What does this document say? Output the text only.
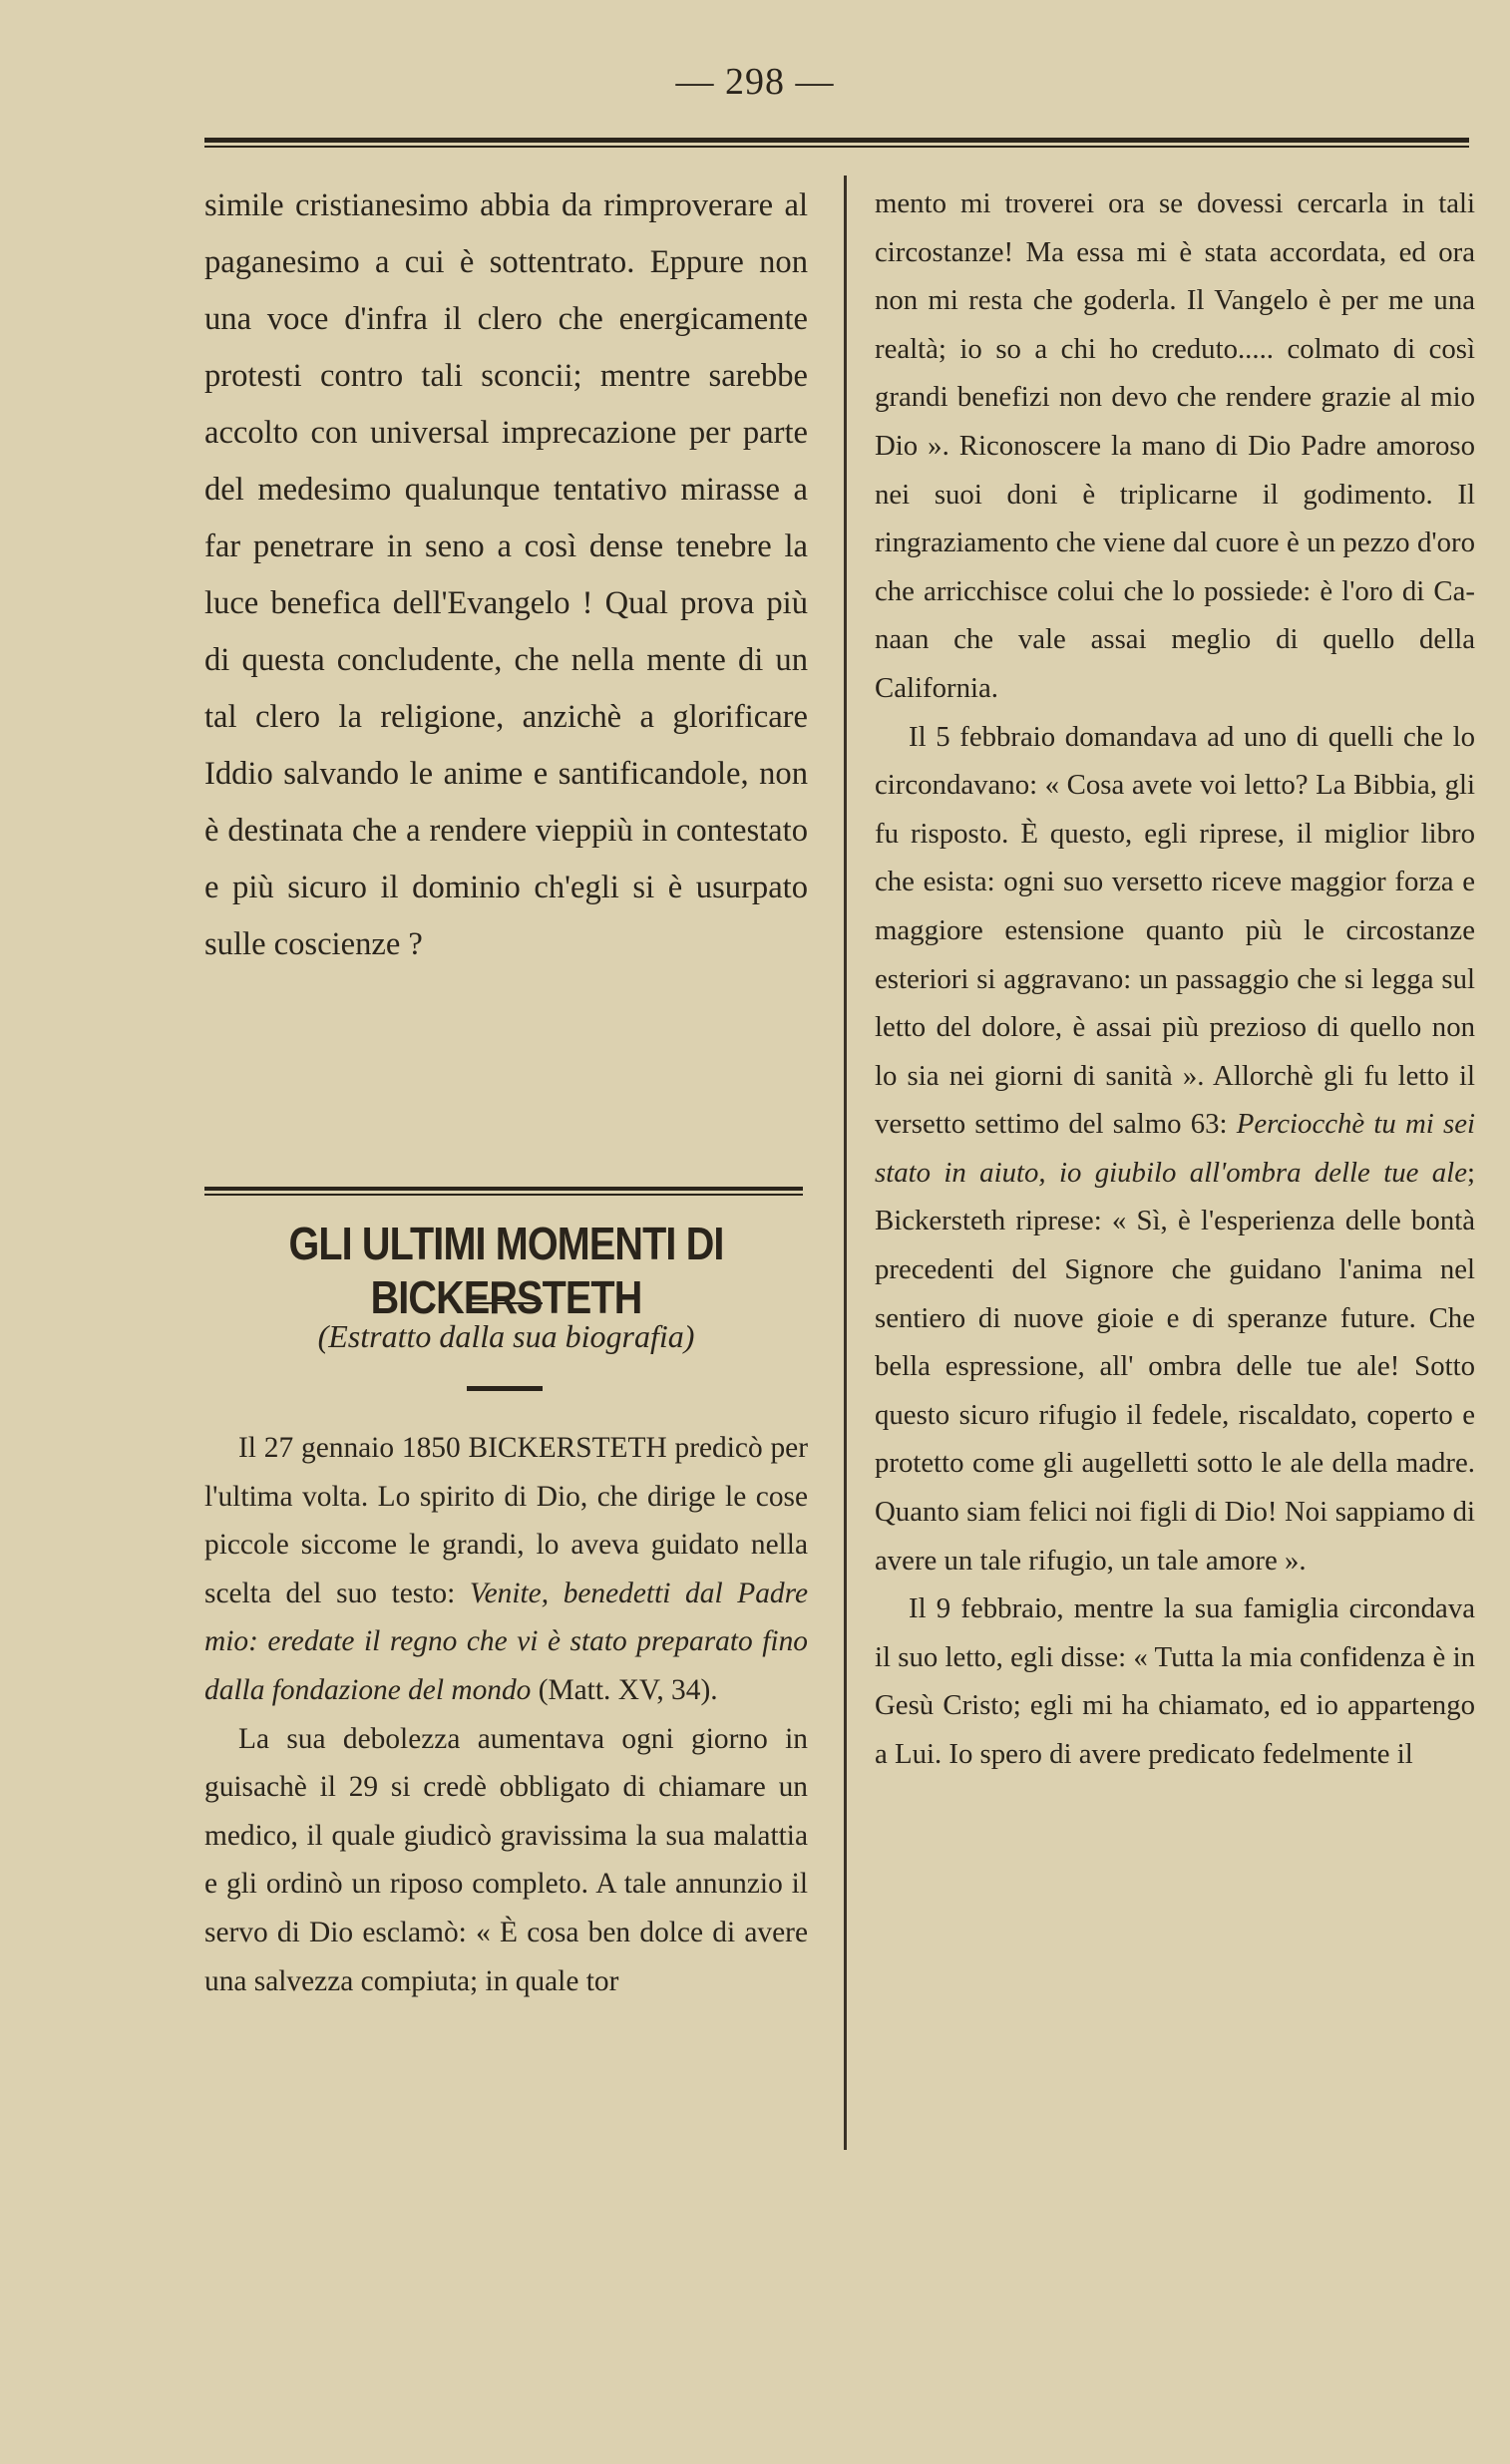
— 298 —

simile cristianesimo abbia da rimproverare al paganesimo a cui è sottentrato. Eppure non una voce d'infra il clero che energicamente protesti contro tali sconcii; mentre sarebbe accolto con universal imprecazione per parte del medesimo qualunque tentativo mirasse a far penetrare in seno a così dense tenebre la luce benefica dell'Evangelo ! Qual prova più di questa concludente, che nella mente di un tal clero la religione, anzichè a glorificare Iddio salvando le anime e santificandole, non è destinata che a rendere vieppiù in contestato e più sicuro il dominio ch'egli si è usurpato sulle coscienze ?

GLI ULTIMI MOMENTI DI BICKERSTETH
(Estratto dalla sua biografia)

Il 27 gennaio 1850 BICKERSTETH predicò per l'ultima volta. Lo spirito di Dio, che dirige le cose piccole siccome le grandi, lo aveva guidato nella scelta del suo testo: Venite, benedetti dal Padre mio: eredate il regno che vi è stato preparato fino dalla fondazione del mondo (Matt. XV, 34).

La sua debolezza aumentava ogni giorno in guisachè il 29 si credè obbligato di chiamare un medico, il quale giudicò gravissima la sua malattia e gli ordinò un riposo completo. A tale annunzio il servo di Dio esclamò: « È cosa ben dolce di avere una salvezza compiuta; in quale tor

mento mi troverei ora se dovessi cercarla in tali circostanze! Ma essa mi è stata accordata, ed ora non mi resta che goderla. Il Vangelo è per me una realtà; io so a chi ho creduto..... colmato di così grandi benefizi non devo che rendere grazie al mio Dio ». Riconoscere la mano di Dio Padre amoroso nei suoi doni è triplicarne il godimento. Il ringraziamento che viene dal cuore è un pezzo d'oro che arricchisce colui che lo possiede: è l'oro di Canaan che vale assai meglio di quello della California.

Il 5 febbraio domandava ad uno di quelli che lo circondavano: « Cosa avete voi letto? La Bibbia, gli fu risposto. È questo, egli riprese, il miglior libro che esista: ogni suo versetto riceve maggior forza e maggiore estensione quanto più le circostanze esteriori si aggravano: un passaggio che si legga sul letto del dolore, è assai più prezioso di quello non lo sia nei giorni di sanità ». Allorchè gli fu letto il versetto settimo del salmo 63: Perciocchè tu mi sei stato in aiuto, io giubilo all'ombra delle tue ale; Bickersteth riprese: « Sì, è l'esperienza delle bontà precedenti del Signore che guidano l'anima nel sentiero di nuove gioie e di speranze future. Che bella espressione, all' ombra delle tue ale! Sotto questo sicuro rifugio il fedele, riscaldato, coperto e protetto come gli augelletti sotto le ale della madre. Quanto siam felici noi figli di Dio! Noi sappiamo di avere un tale rifugio, un tale amore ».

Il 9 febbraio, mentre la sua famiglia circondava il suo letto, egli disse: « Tutta la mia confidenza è in Gesù Cristo; egli mi ha chiamato, ed io appartengo a Lui. Io spero di avere predicato fedelmente il
